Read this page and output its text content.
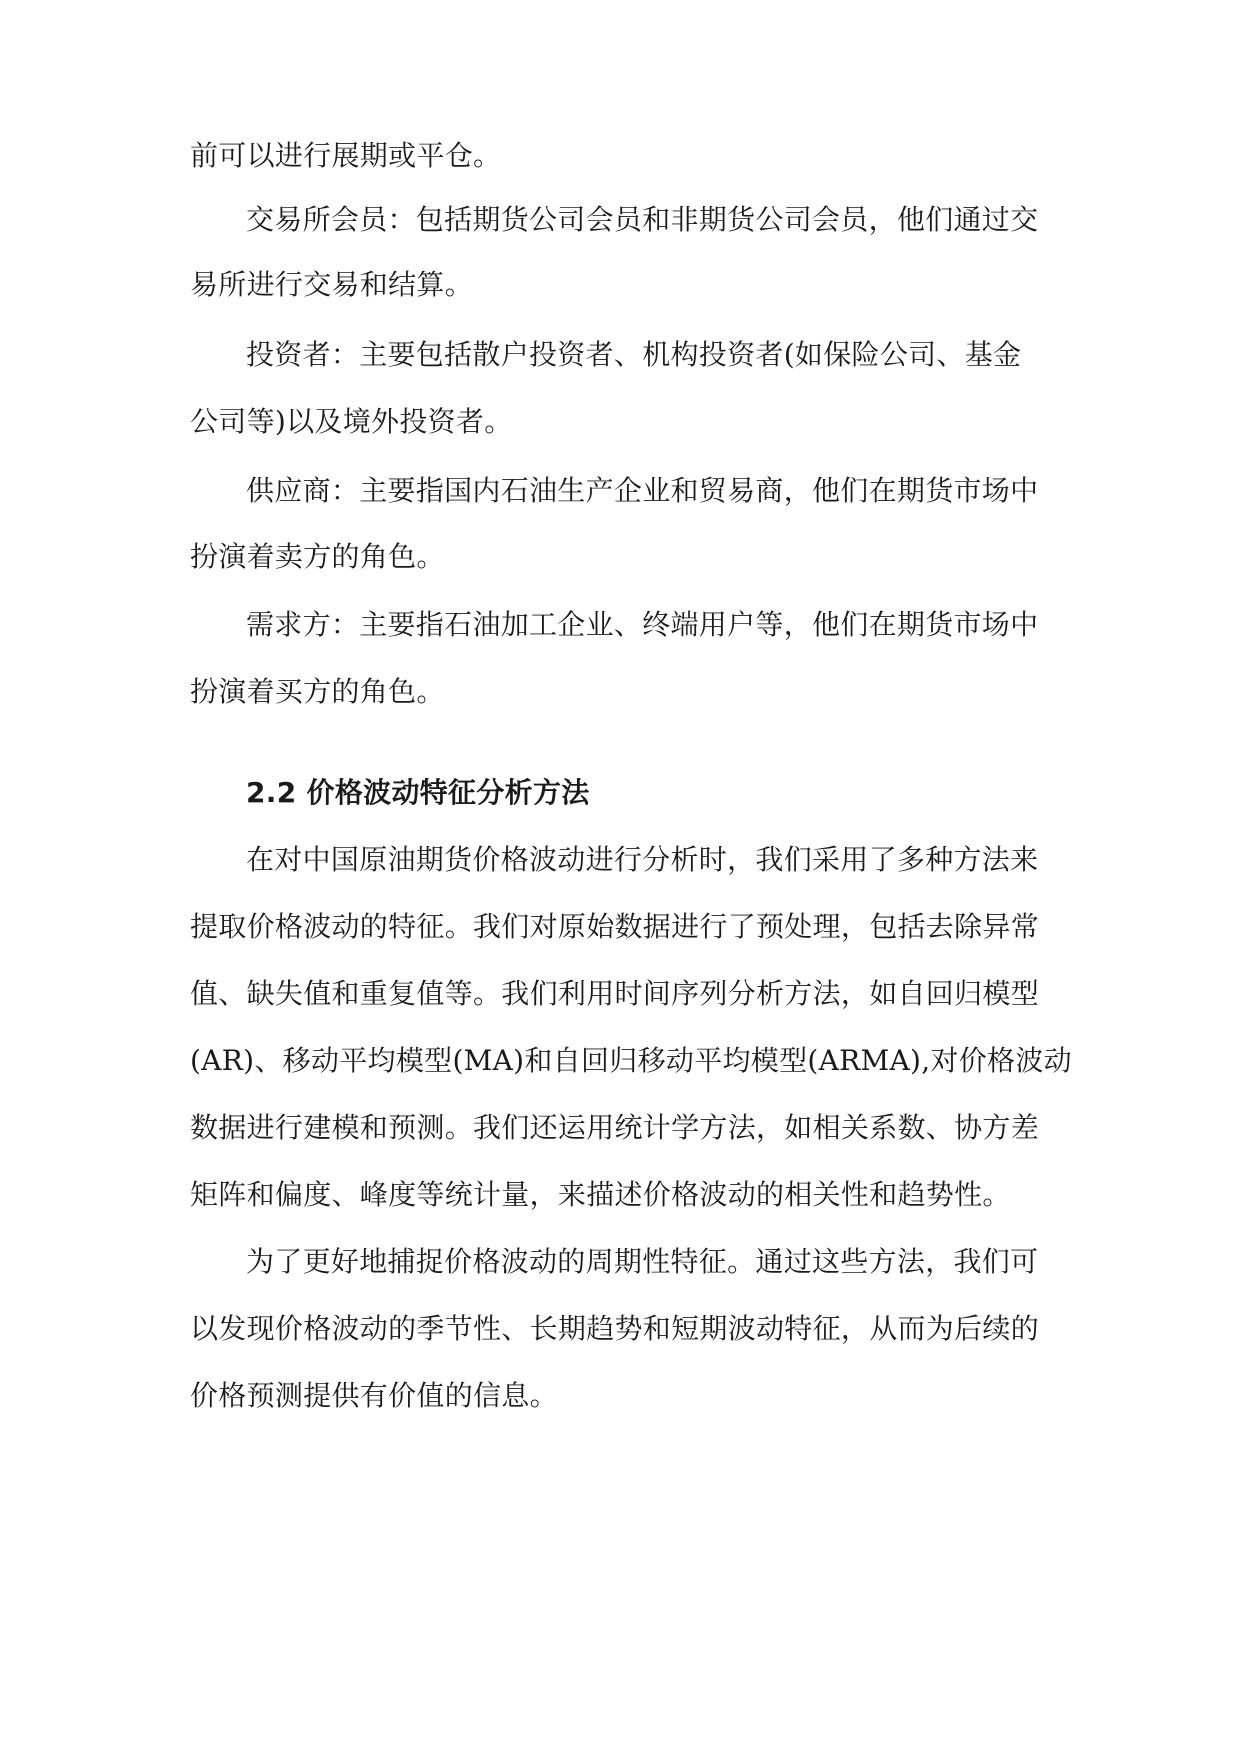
前可以进行展期或平仓。
交易所会员：包括期货公司会员和非期货公司会员，他们通过交
易所进行交易和结算。
投资者：主要包括散户投资者、机构投资者(如保险公司、基金
公司等)以及境外投资者。
供应商：主要指国内石油生产企业和贸易商，他们在期货市场中
扮演着卖方的角色。
需求方：主要指石油加工企业、终端用户等，他们在期货市场中
扮演着买方的角色。
2.2 价格波动特征分析方法
在对中国原油期货价格波动进行分析时，我们采用了多种方法来
提取价格波动的特征。我们对原始数据进行了预处理，包括去除异常
值、缺失值和重复值等。我们利用时间序列分析方法，如自回归模型
(AR)、移动平均模型(MA)和自回归移动平均模型(ARMA),对价格波动
数据进行建模和预测。我们还运用统计学方法，如相关系数、协方差
矩阵和偏度、峰度等统计量，来描述价格波动的相关性和趋势性。
为了更好地捕捉价格波动的周期性特征。通过这些方法，我们可
以发现价格波动的季节性、长期趋势和短期波动特征，从而为后续的
价格预测提供有价值的信息。
